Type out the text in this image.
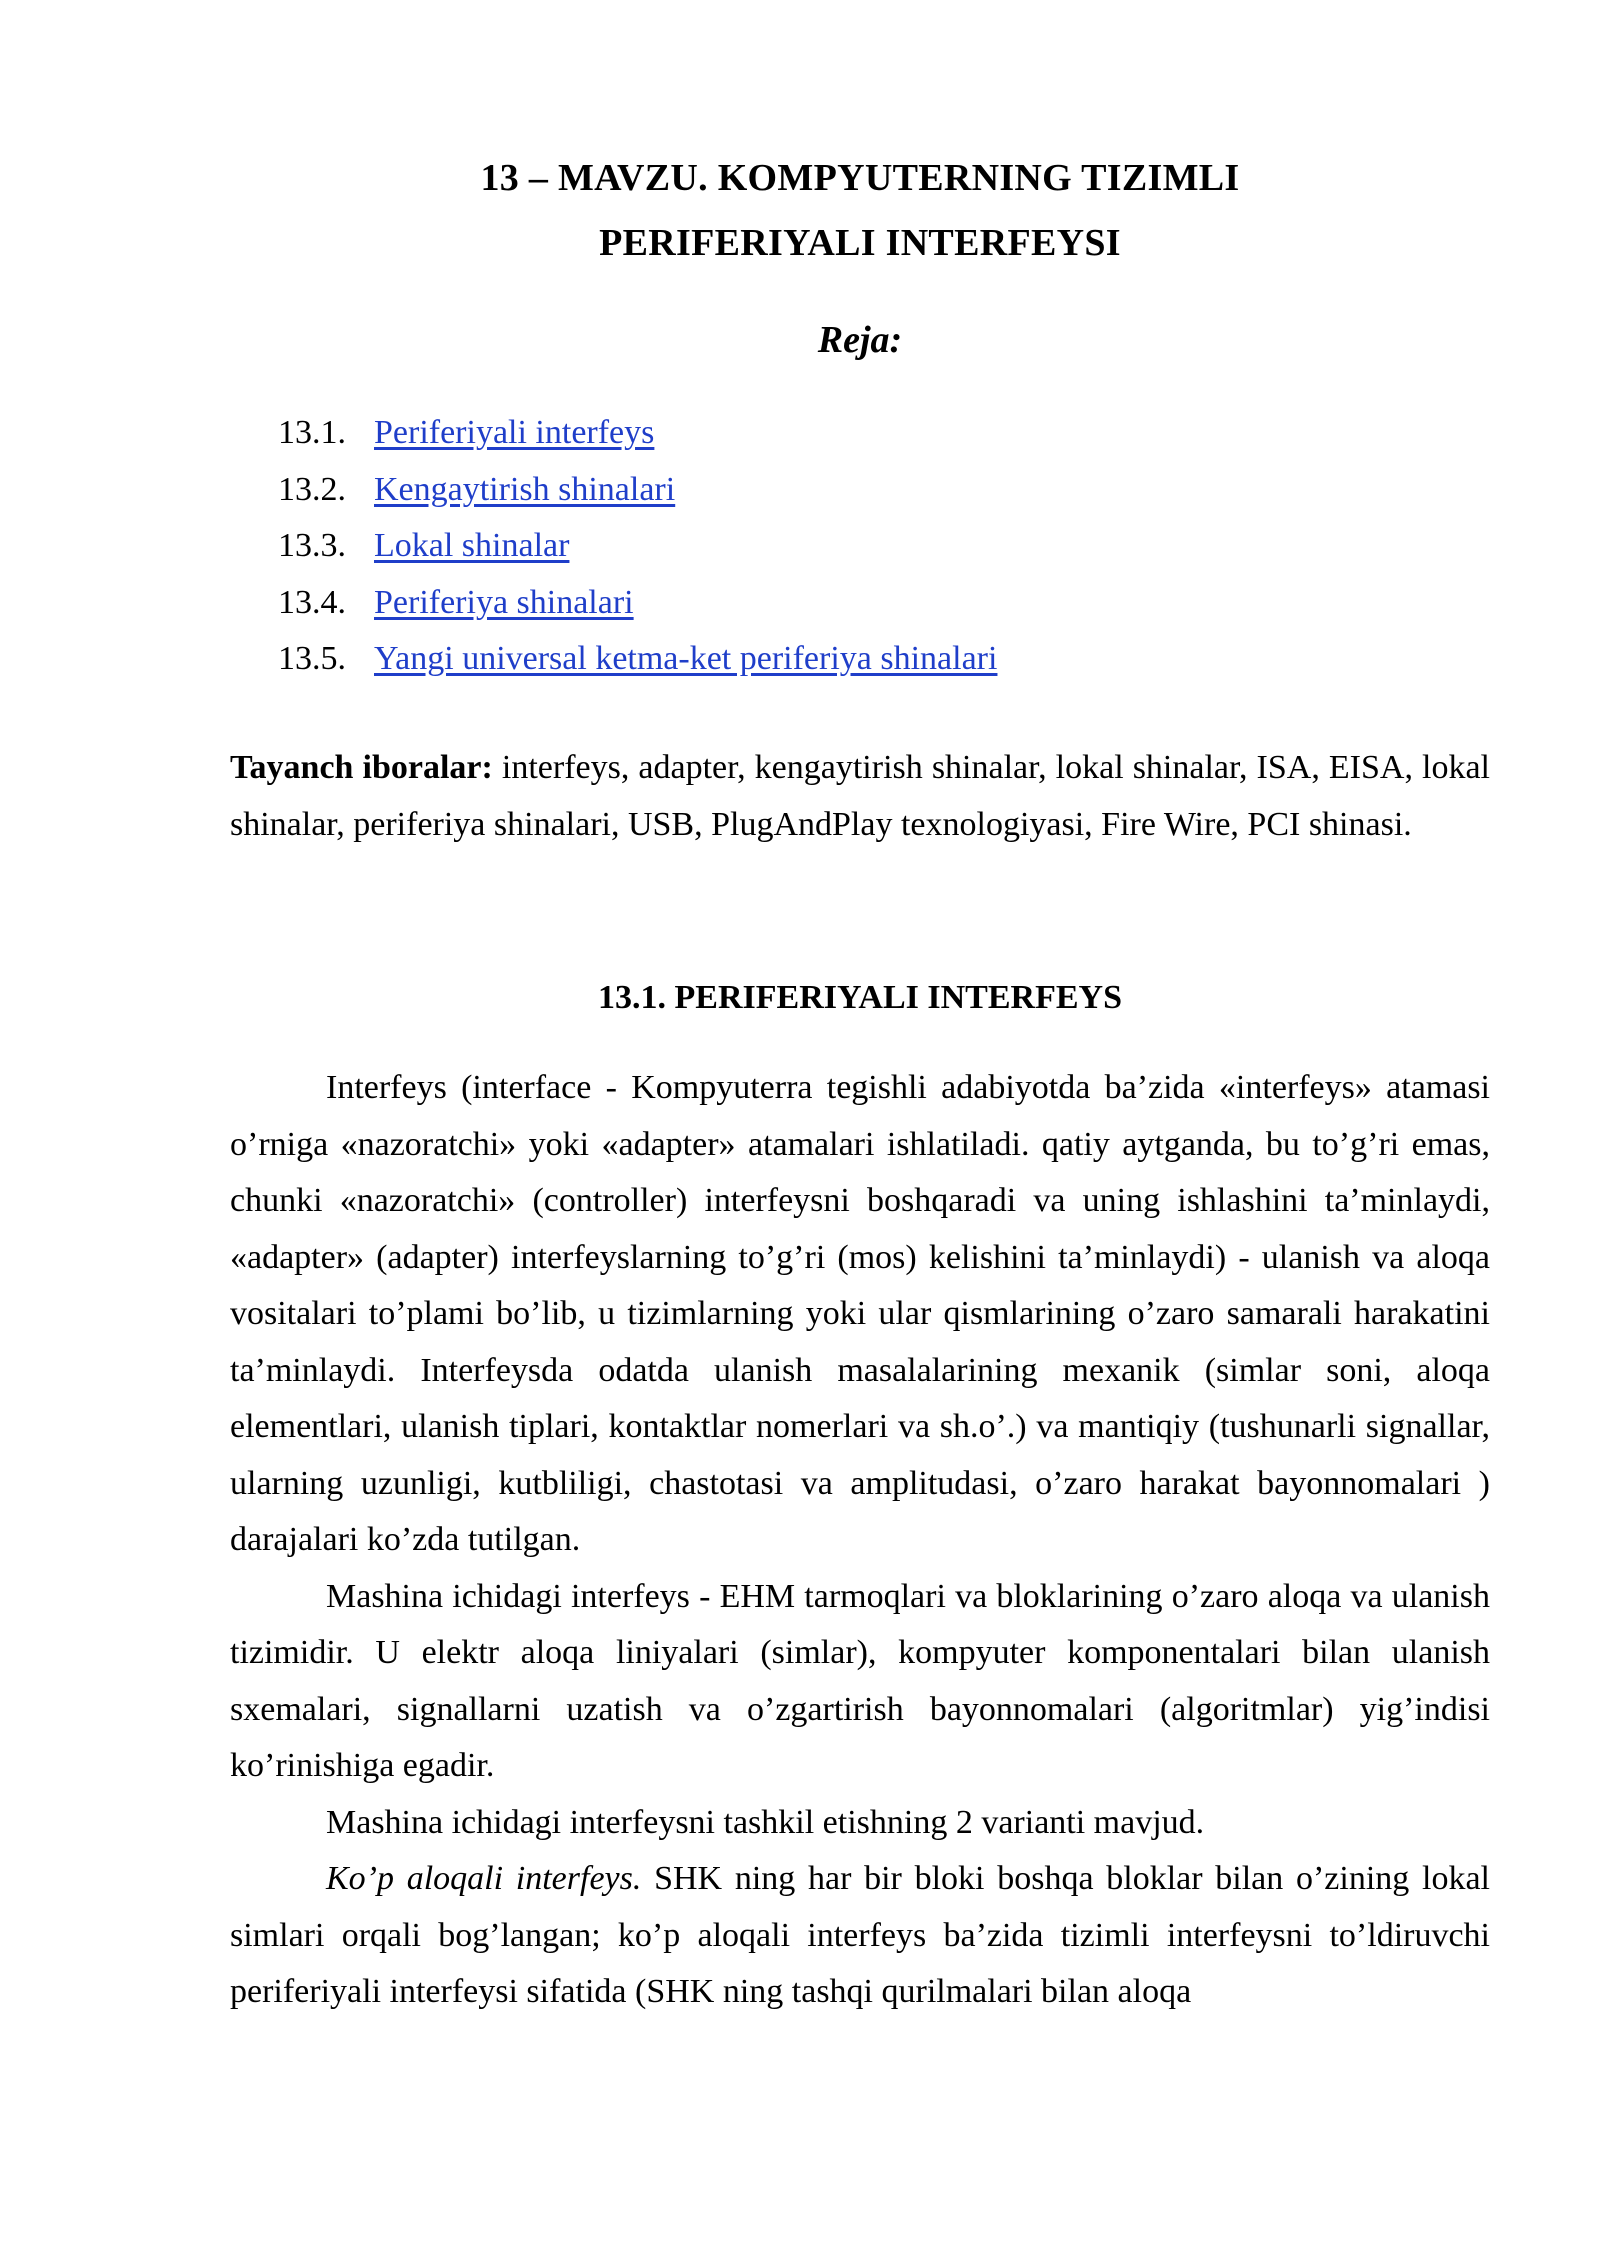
13 – MAVZU. KOMPYUTERNING TIZIMLI
PERIFERIYALI INTERFEYSI
Reja:
13.1. Periferiyali interfeys
13.2. Kengaytirish shinalari
13.3. Lokal shinalar
13.4. Periferiya shinalari
13.5. Yangi universal ketma-ket periferiya shinalari

Tayanch iboralar: interfeys, adapter, kengaytirish shinalar, lokal shinalar, ISA, EISA, lokal shinalar, periferiya shinalari, USB, PlugAndPlay texnologiyasi, Fire Wire, PCI shinasi.

13.1. PERIFERIYALI INTERFEYS

Interfeys (interface - Kompyuterra tegishli adabiyotda ba’zida «interfeys» atamasi o’rniga «nazoratchi» yoki «adapter» atamalari ishlatiladi. qatiy aytganda, bu to’g’ri emas, chunki «nazoratchi» (controller) interfeysni boshqaradi va uning ishlashini ta’minlaydi, «adapter» (adapter) interfeyslarning to’g’ri (mos) kelishini ta’minlaydi) - ulanish va aloqa vositalari to’plami bo’lib, u tizimlarning yoki ular qismlarining o’zaro samarali harakatini ta’minlaydi. Interfeysda odatda ulanish masalalarining mexanik (simlar soni, aloqa elementlari, ulanish tiplari, kontaktlar nomerlari va sh.o’.) va mantiqiy (tushunarli signallar, ularning uzunligi, kutbliligi, chastotasi va amplitudasi, o’zaro harakat bayonnomalari ) darajalari ko’zda tutilgan.

Mashina ichidagi interfeys - EHM tarmoqlari va bloklarining o’zaro aloqa va ulanish tizimidir. U elektr aloqa liniyalari (simlar), kompyuter komponentalari bilan ulanish sxemalari, signallarni uzatish va o’zgartirish bayonnomalari (algoritmlar) yig’indisi ko’rinishiga egadir.

Mashina ichidagi interfeysni tashkil etishning 2 varianti mavjud.

Ko’p aloqali interfeys. SHK ning har bir bloki boshqa bloklar bilan o’zining lokal simlari orqali bog’langan; ko’p aloqali interfeys ba’zida tizimli interfeysni to’ldiruvchi periferiyali interfeysi sifatida (SHK ning tashqi qurilmalari bilan aloqa
